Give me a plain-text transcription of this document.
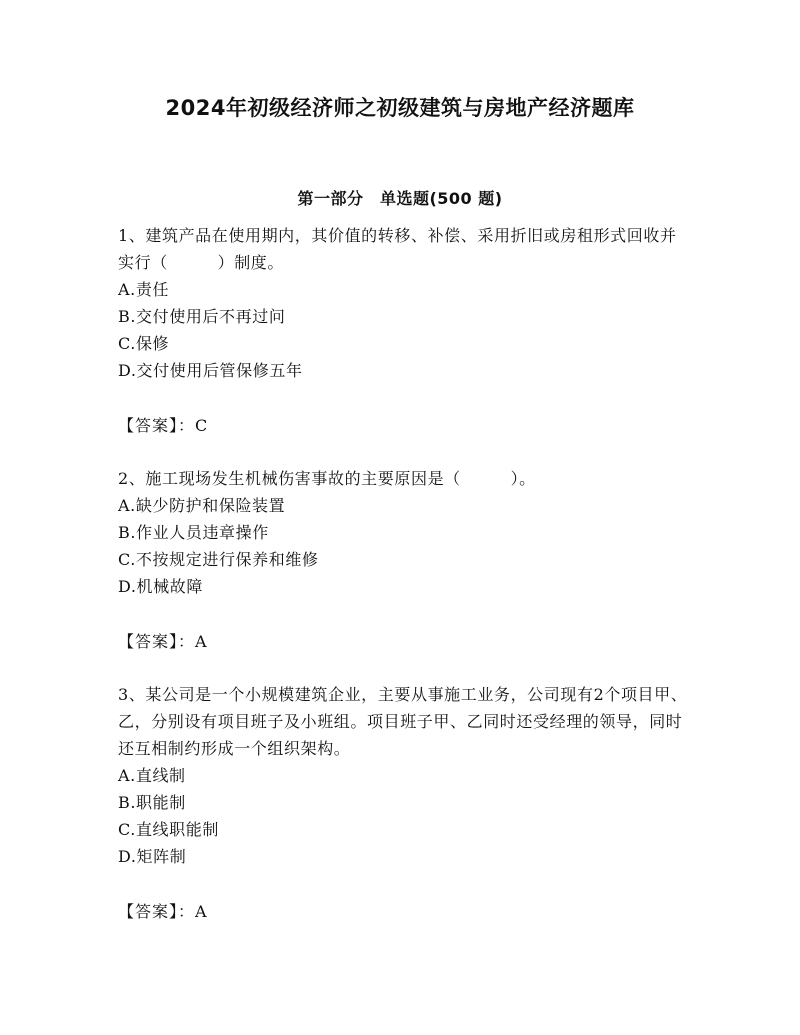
2024年初级经济师之初级建筑与房地产经济题库
第一部分　单选题(500 题)

1、建筑产品在使用期内，其价值的转移、补偿、采用折旧或房租形式回收并实行（　　　）制度。

A.责任

B.交付使用后不再过问

C.保修

D.交付使用后管保修五年

【答案】：C

2、施工现场发生机械伤害事故的主要原因是（　　　）。

A.缺少防护和保险装置

B.作业人员违章操作

C.不按规定进行保养和维修

D.机械故障

【答案】：A

3、某公司是一个小规模建筑企业，主要从事施工业务，公司现有2个项目甲、乙，分别设有项目班子及小班组。项目班子甲、乙同时还受经理的领导，同时还互相制约形成一个组织架构。

A.直线制

B.职能制

C.直线职能制

D.矩阵制

【答案】：A
